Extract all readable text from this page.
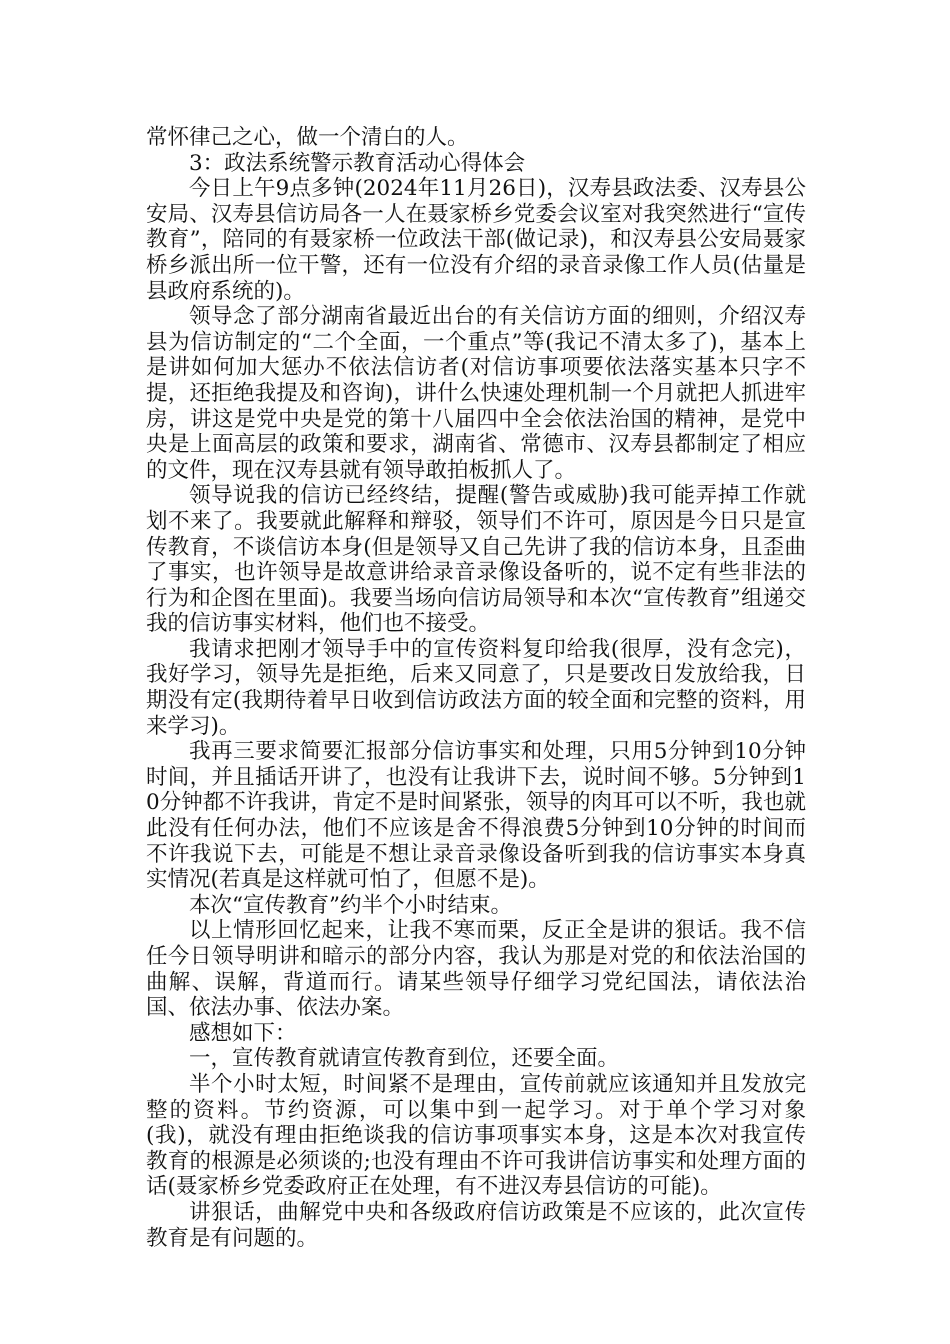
常怀律己之心，做一个清白的人。

3：政法系统警示教育活动心得体会

今日上午9点多钟(2024年11月26日)，汉寿县政法委、汉寿县公安局、汉寿县信访局各一人在聂家桥乡党委会议室对我突然进行“宣传教育”，陪同的有聂家桥一位政法干部(做记录)，和汉寿县公安局聂家桥乡派出所一位干警，还有一位没有介绍的录音录像工作人员(估量是县政府系统的)。

领导念了部分湖南省最近出台的有关信访方面的细则，介绍汉寿县为信访制定的“二个全面，一个重点”等(我记不清太多了)，基本上是讲如何加大惩办不依法信访者(对信访事项要依法落实基本只字不提，还拒绝我提及和咨询)，讲什么快速处理机制一个月就把人抓进牢房，讲这是党中央是党的第十八届四中全会依法治国的精神，是党中央是上面高层的政策和要求，湖南省、常德市、汉寿县都制定了相应的文件，现在汉寿县就有领导敢拍板抓人了。

领导说我的信访已经终结，提醒(警告或威胁)我可能弄掉工作就划不来了。我要就此解释和辩驳，领导们不许可，原因是今日只是宣传教育，不谈信访本身(但是领导又自己先讲了我的信访本身，且歪曲了事实，也许领导是故意讲给录音录像设备听的，说不定有些非法的行为和企图在里面)。我要当场向信访局领导和本次“宣传教育”组递交我的信访事实材料，他们也不接受。

我请求把刚才领导手中的宣传资料复印给我(很厚，没有念完)，我好学习，领导先是拒绝，后来又同意了，只是要改日发放给我，日期没有定(我期待着早日收到信访政法方面的较全面和完整的资料，用来学习)。

我再三要求简要汇报部分信访事实和处理，只用5分钟到10分钟时间，并且插话开讲了，也没有让我讲下去，说时间不够。5分钟到10分钟都不许我讲，肯定不是时间紧张，领导的肉耳可以不听，我也就此没有任何办法，他们不应该是舍不得浪费5分钟到10分钟的时间而不许我说下去，可能是不想让录音录像设备听到我的信访事实本身真实情况(若真是这样就可怕了，但愿不是)。

本次“宣传教育”约半个小时结束。

以上情形回忆起来，让我不寒而栗，反正全是讲的狠话。我不信任今日领导明讲和暗示的部分内容，我认为那是对党的和依法治国的曲解、误解，背道而行。请某些领导仔细学习党纪国法，请依法治国、依法办事、依法办案。

感想如下：

一，宣传教育就请宣传教育到位，还要全面。

半个小时太短，时间紧不是理由，宣传前就应该通知并且发放完整的资料。节约资源，可以集中到一起学习。对于单个学习对象(我)，就没有理由拒绝谈我的信访事项事实本身，这是本次对我宣传教育的根源是必须谈的;也没有理由不许可我讲信访事实和处理方面的话(聂家桥乡党委政府正在处理，有不进汉寿县信访的可能)。

讲狠话，曲解党中央和各级政府信访政策是不应该的，此次宣传教育是有问题的。
